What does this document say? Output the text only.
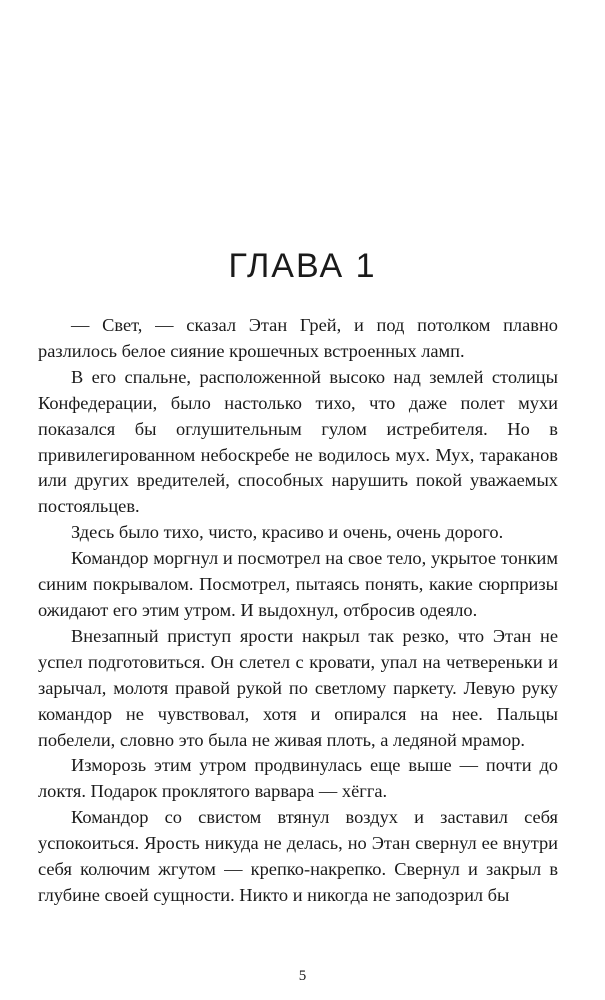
ГЛАВА 1

— Свет, — сказал Этан Грей, и под потолком плавно разлилось белое сияние крошечных встроенных ламп.

В его спальне, расположенной высоко над землей столицы Конфедерации, было настолько тихо, что даже полет мухи показался бы оглушительным гулом истребителя. Но в привилегированном небоскребе не водилось мух. Мух, тараканов или других вредителей, способных нарушить покой уважаемых постояльцев.

Здесь было тихо, чисто, красиво и очень, очень дорого.

Командор моргнул и посмотрел на свое тело, укрытое тонким синим покрывалом. Посмотрел, пытаясь понять, какие сюрпризы ожидают его этим утром. И выдохнул, отбросив одеяло.

Внезапный приступ ярости накрыл так резко, что Этан не успел подготовиться. Он слетел с кровати, упал на четвереньки и зарычал, молотя правой рукой по светлому паркету. Левую руку командор не чувствовал, хотя и опирался на нее. Пальцы побелели, словно это была не живая плоть, а ледяной мрамор.

Изморозь этим утром продвинулась еще выше — почти до локтя. Подарок проклятого варвара — хёгга.

Командор со свистом втянул воздух и заставил себя успокоиться. Ярость никуда не делась, но Этан свернул ее внутри себя колючим жгутом — крепко-накрепко. Свернул и закрыл в глубине своей сущности. Никто и никогда не заподозрил бы

5
